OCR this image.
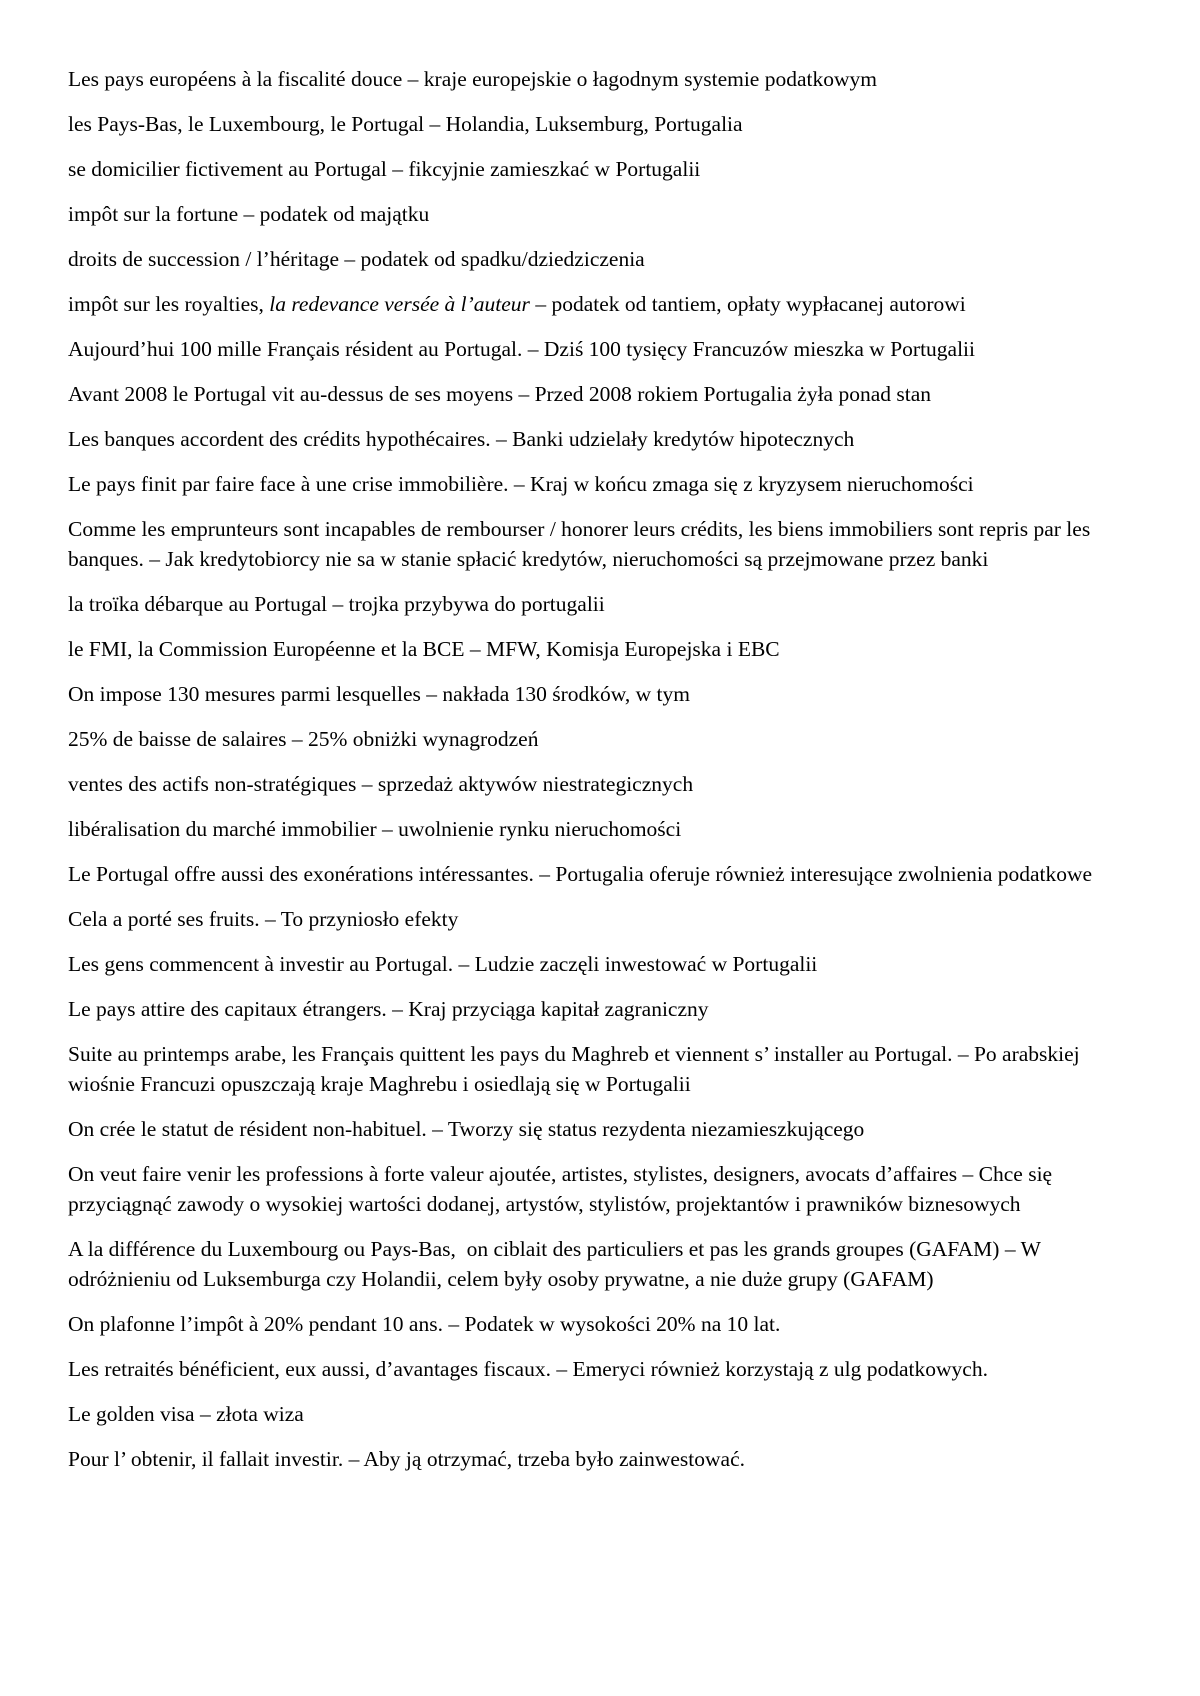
Les pays européens à la fiscalité douce – kraje europejskie o łagodnym systemie podatkowym

les Pays-Bas, le Luxembourg, le Portugal – Holandia, Luksemburg, Portugalia

se domicilier fictivement au Portugal – fikcyjnie zamieszkać w Portugalii

impôt sur la fortune – podatek od majątku

droits de succession / l’héritage – podatek od spadku/dziedziczenia

impôt sur les royalties, la redevance versée à l’auteur – podatek od tantiem, opłaty wypłacanej autorowi

Aujourd’hui 100 mille Français résident au Portugal. – Dziś 100 tysięcy Francuzów mieszka w Portugalii

Avant 2008 le Portugal vit au-dessus de ses moyens – Przed 2008 rokiem Portugalia żyła ponad stan

Les banques accordent des crédits hypothécaires. – Banki udzielały kredytów hipotecznych

Le pays finit par faire face à une crise immobilière. – Kraj w końcu zmaga się z kryzysem nieruchomości

Comme les emprunteurs sont incapables de rembourser / honorer leurs crédits, les biens immobiliers sont repris par les banques. – Jak kredytobiorcy nie sa w stanie spłacić kredytów, nieruchomości są przejmowane przez banki

la troïka débarque au Portugal – trojka przybywa do portugalii

le FMI, la Commission Européenne et la BCE – MFW, Komisja Europejska i EBC

On impose 130 mesures parmi lesquelles – nakłada 130 środków, w tym

25% de baisse de salaires – 25% obniżki wynagrodzeń

ventes des actifs non-stratégiques – sprzedaż aktywów niestrategicznych

libéralisation du marché immobilier – uwolnienie rynku nieruchomości

Le Portugal offre aussi des exonérations intéressantes. – Portugalia oferuje również interesujące zwolnienia podatkowe

Cela a porté ses fruits. – To przyniosło efekty

Les gens commencent à investir au Portugal. – Ludzie zaczęli inwestować w Portugalii

Le pays attire des capitaux étrangers. – Kraj przyciąga kapitał zagraniczny

Suite au printemps arabe, les Français quittent les pays du Maghreb et viennent s’ installer au Portugal. – Po arabskiej wiośnie Francuzi opuszczają kraje Maghrebu i osiedlają się w Portugalii

On crée le statut de résident non-habituel. – Tworzy się status rezydenta niezamieszkującego

On veut faire venir les professions à forte valeur ajoutée, artistes, stylistes, designers, avocats d’affaires – Chce się przyciągnąć zawody o wysokiej wartości dodanej, artystów, stylistów, projektantów i prawników biznesowych

A la différence du Luxembourg ou Pays-Bas,  on ciblait des particuliers et pas les grands groupes (GAFAM) – W odróżnieniu od Luksemburga czy Holandii, celem były osoby prywatne, a nie duże grupy (GAFAM)

On plafonne l’impôt à 20% pendant 10 ans. – Podatek w wysokości 20% na 10 lat.

Les retraités bénéficient, eux aussi, d’avantages fiscaux. – Emeryci również korzystają z ulg podatkowych.

Le golden visa – złota wiza

Pour l’ obtenir, il fallait investir. – Aby ją otrzymać, trzeba było zainwestować.
